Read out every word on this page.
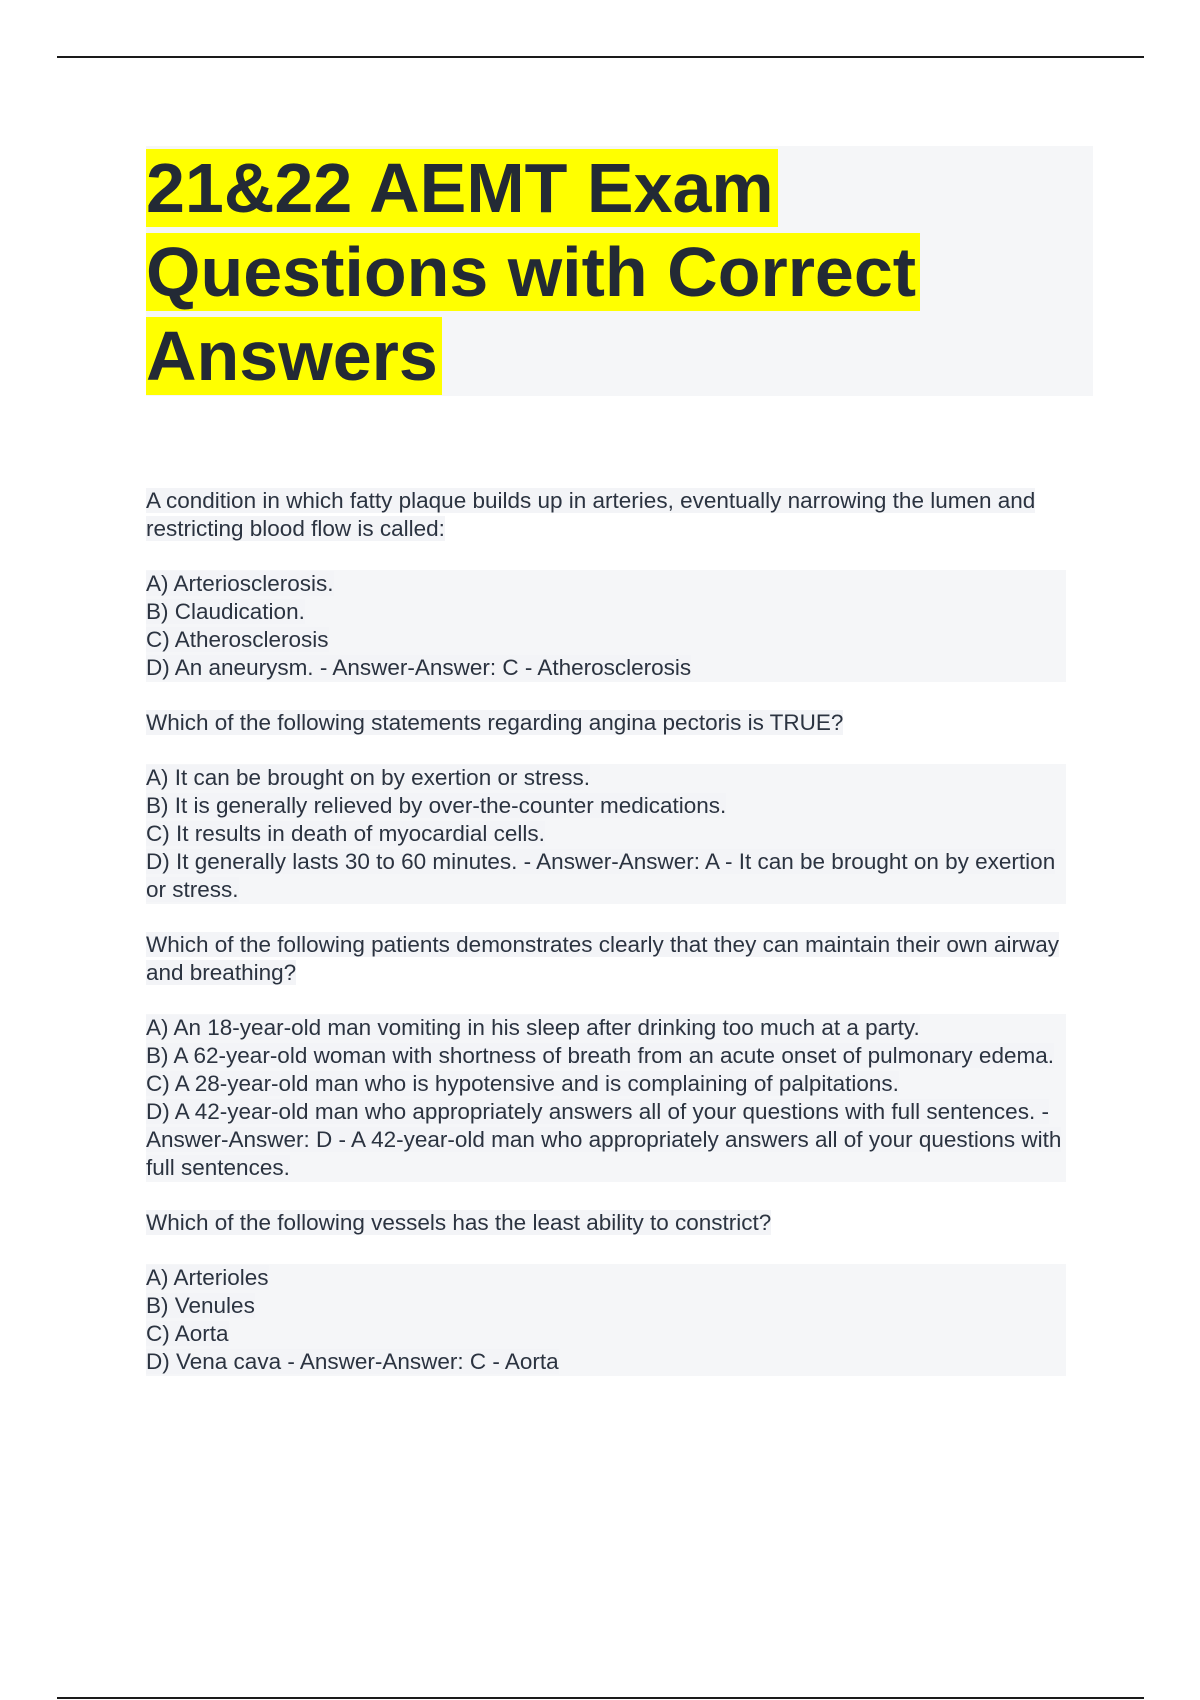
21&22 AEMT Exam
Questions with Correct
Answers

A condition in which fatty plaque builds up in arteries, eventually narrowing the lumen and restricting blood flow is called:

A) Arteriosclerosis.
B) Claudication.
C) Atherosclerosis
D) An aneurysm. - Answer-Answer: C - Atherosclerosis

Which of the following statements regarding angina pectoris is TRUE?

A) It can be brought on by exertion or stress.
B) It is generally relieved by over-the-counter medications.
C) It results in death of myocardial cells.
D) It generally lasts 30 to 60 minutes. - Answer-Answer: A - It can be brought on by exertion or stress.

Which of the following patients demonstrates clearly that they can maintain their own airway and breathing?

A) An 18-year-old man vomiting in his sleep after drinking too much at a party.
B) A 62-year-old woman with shortness of breath from an acute onset of pulmonary edema.
C) A 28-year-old man who is hypotensive and is complaining of palpitations.
D) A 42-year-old man who appropriately answers all of your questions with full sentences. - Answer-Answer: D - A 42-year-old man who appropriately answers all of your questions with full sentences.

Which of the following vessels has the least ability to constrict?

A) Arterioles
B) Venules
C) Aorta
D) Vena cava - Answer-Answer: C - Aorta
